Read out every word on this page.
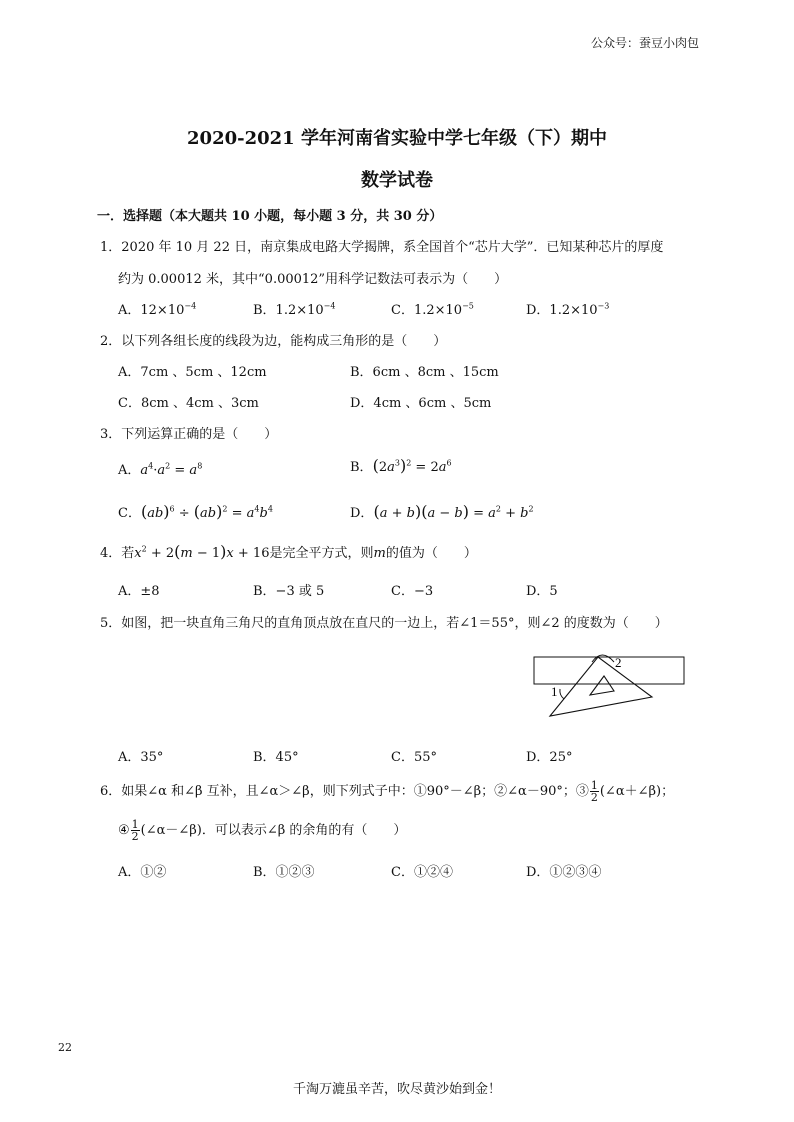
公众号：蚕豆小肉包
2020-2021 学年河南省实验中学七年级（下）期中
数学试卷
一．选择题（本大题共 10 小题，每小题 3 分，共 30 分）
1．2020 年 10 月 22 日，南京集成电路大学揭牌，系全国首个“芯片大学”．已知某种芯片的厚度
约为 0.00012 米，其中“0.00012”用科学记数法可表示为（　　）
A．$12\times 10^{-4}$	B．$1.2\times 10^{-4}$	C．$1.2\times 10^{-5}$	D．$1.2\times 10^{-3}$
2．以下列各组长度的线段为边，能构成三角形的是（　　）
A．7cm 、5cm 、12cm	B．6cm 、8cm 、15cm
C．8cm 、4cm 、3cm	D．4cm 、6cm 、5cm
3．下列运算正确的是（　　）
A．$a^4\cdot a^2 = a^8$	B．$(2a^3)^2 = 2a^6$
C．$(ab)^6 \div (ab)^2 = a^4b^4$	D．$(a + b)(a - b) = a^2 + b^2$
4．若$x^2 + 2(m - 1)x + 16$是完全平方式，则m的值为（　　）
A．±8	B．−3 或 5	C．−3	D．5
5．如图，把一块直角三角尺的直角顶点放在直尺的一边上，若∠1＝55°，则∠2 的度数为（　　）
1
2
A．35°	B．45°	C．55°	D．25°
6．如果∠α 和∠β 互补，且∠α＞∠β，则下列式子中：①90°－∠β；②∠α－90°；③ $\frac{1}{2}$ (∠α＋∠β)；
④ $\frac{1}{2}$ (∠α－∠β)．可以表示∠β 的余角的有（　　）
A．①②	B．①②③	C．①②④	D．①②③④
22
千淘万漉虽辛苦，吹尽黄沙始到金！
